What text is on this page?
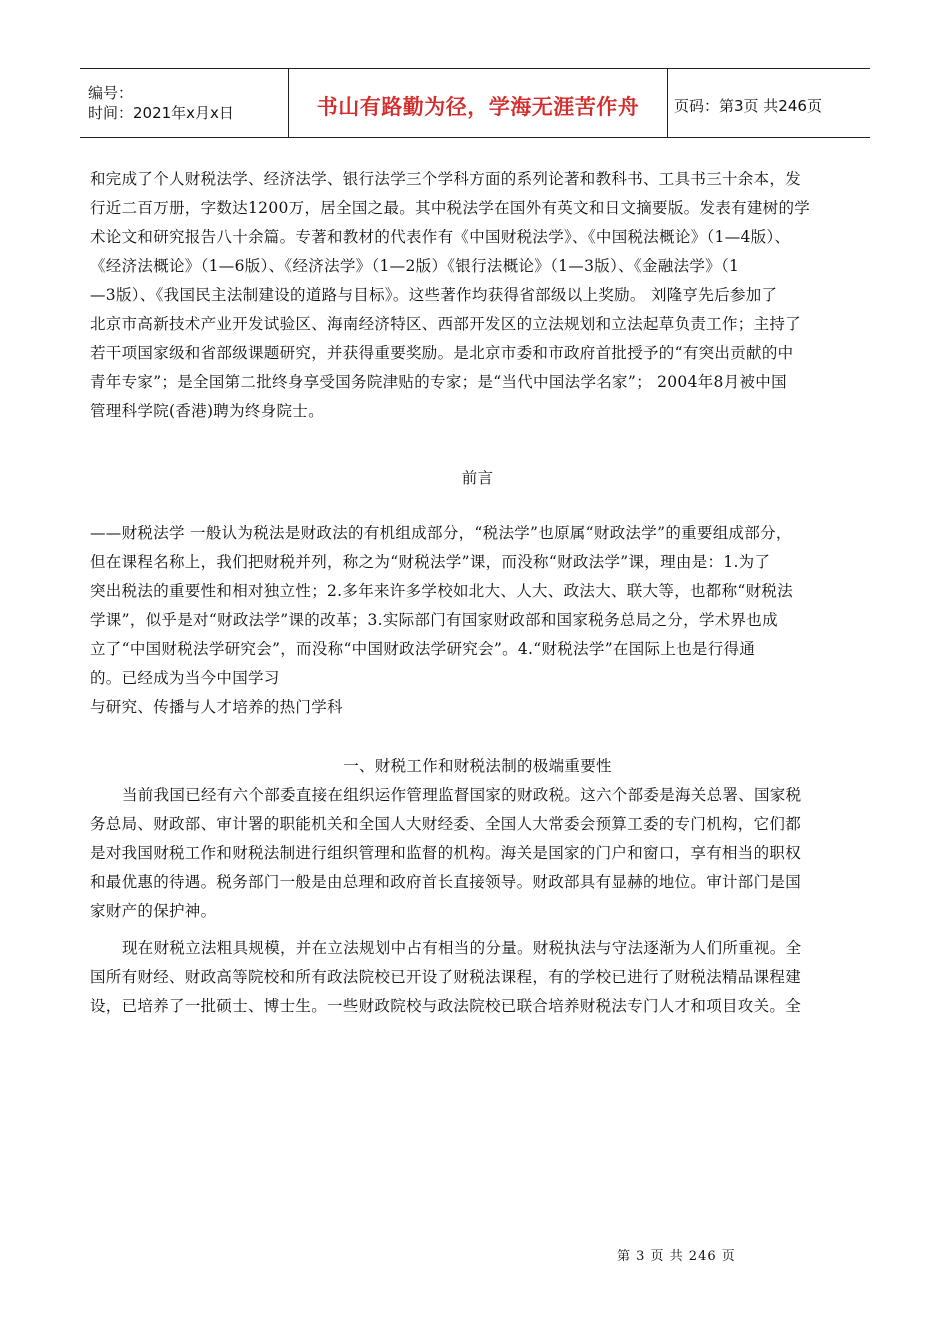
编号：
时间：2021年x月x日	书山有路勤为径，学海无涯苦作舟 页码：第3页 共246页
和完成了个人财税法学、经济法学、银行法学三个学科方面的系列论著和教科书、工具书三十余本，发
行近二百万册，字数达1200万，居全国之最。其中税法学在国外有英文和日文摘要版。发表有建树的学
术论文和研究报告八十余篇。专著和教材的代表作有《中国财税法学》、《中国税法概论》（1—4版）、
《经济法概论》（1—6版）、《经济法学》（1—2版）《银行法概论》（1—3版）、《金融法学》（1
—3版）、《我国民主法制建设的道路与目标》。这些著作均获得省部级以上奖励。 刘隆亨先后参加了
北京市高新技术产业开发试验区、海南经济特区、西部开发区的立法规划和立法起草负责工作；主持了
若干项国家级和省部级课题研究，并获得重要奖励。是北京市委和市政府首批授予的“有突出贡献的中
青年专家”；是全国第二批终身享受国务院津贴的专家；是“当代中国法学名家”； 2004年8月被中国
管理科学院(香港)聘为终身院士。
前言
——财税法学 一般认为税法是财政法的有机组成部分，“税法学”也原属“财政法学”的重要组成部分，
但在课程名称上，我们把财税并列，称之为“财税法学”课，而没称“财政法学”课，理由是：1.为了
突出税法的重要性和相对独立性；2.多年来许多学校如北大、人大、政法大、联大等，也都称“财税法
学课”，似乎是对“财政法学”课的改革；3.实际部门有国家财政部和国家税务总局之分，学术界也成
立了“中国财税法学研究会”，而没称“中国财政法学研究会”。4.“财税法学”在国际上也是行得通
的。已经成为当今中国学习
与研究、传播与人才培养的热门学科
一、财税工作和财税法制的极端重要性
当前我国已经有六个部委直接在组织运作管理监督国家的财政税。这六个部委是海关总署、国家税
务总局、财政部、审计署的职能机关和全国人大财经委、全国人大常委会预算工委的专门机构，它们都
是对我国财税工作和财税法制进行组织管理和监督的机构。海关是国家的门户和窗口，享有相当的职权
和最优惠的待遇。税务部门一般是由总理和政府首长直接领导。财政部具有显赫的地位。审计部门是国
家财产的保护神。
现在财税立法粗具规模，并在立法规划中占有相当的分量。财税执法与守法逐渐为人们所重视。全
国所有财经、财政高等院校和所有政法院校已开设了财税法课程，有的学校已进行了财税法精品课程建
设，已培养了一批硕士、博士生。一些财政院校与政法院校已联合培养财税法专门人才和项目攻关。全
第 3 页 共 246 页
